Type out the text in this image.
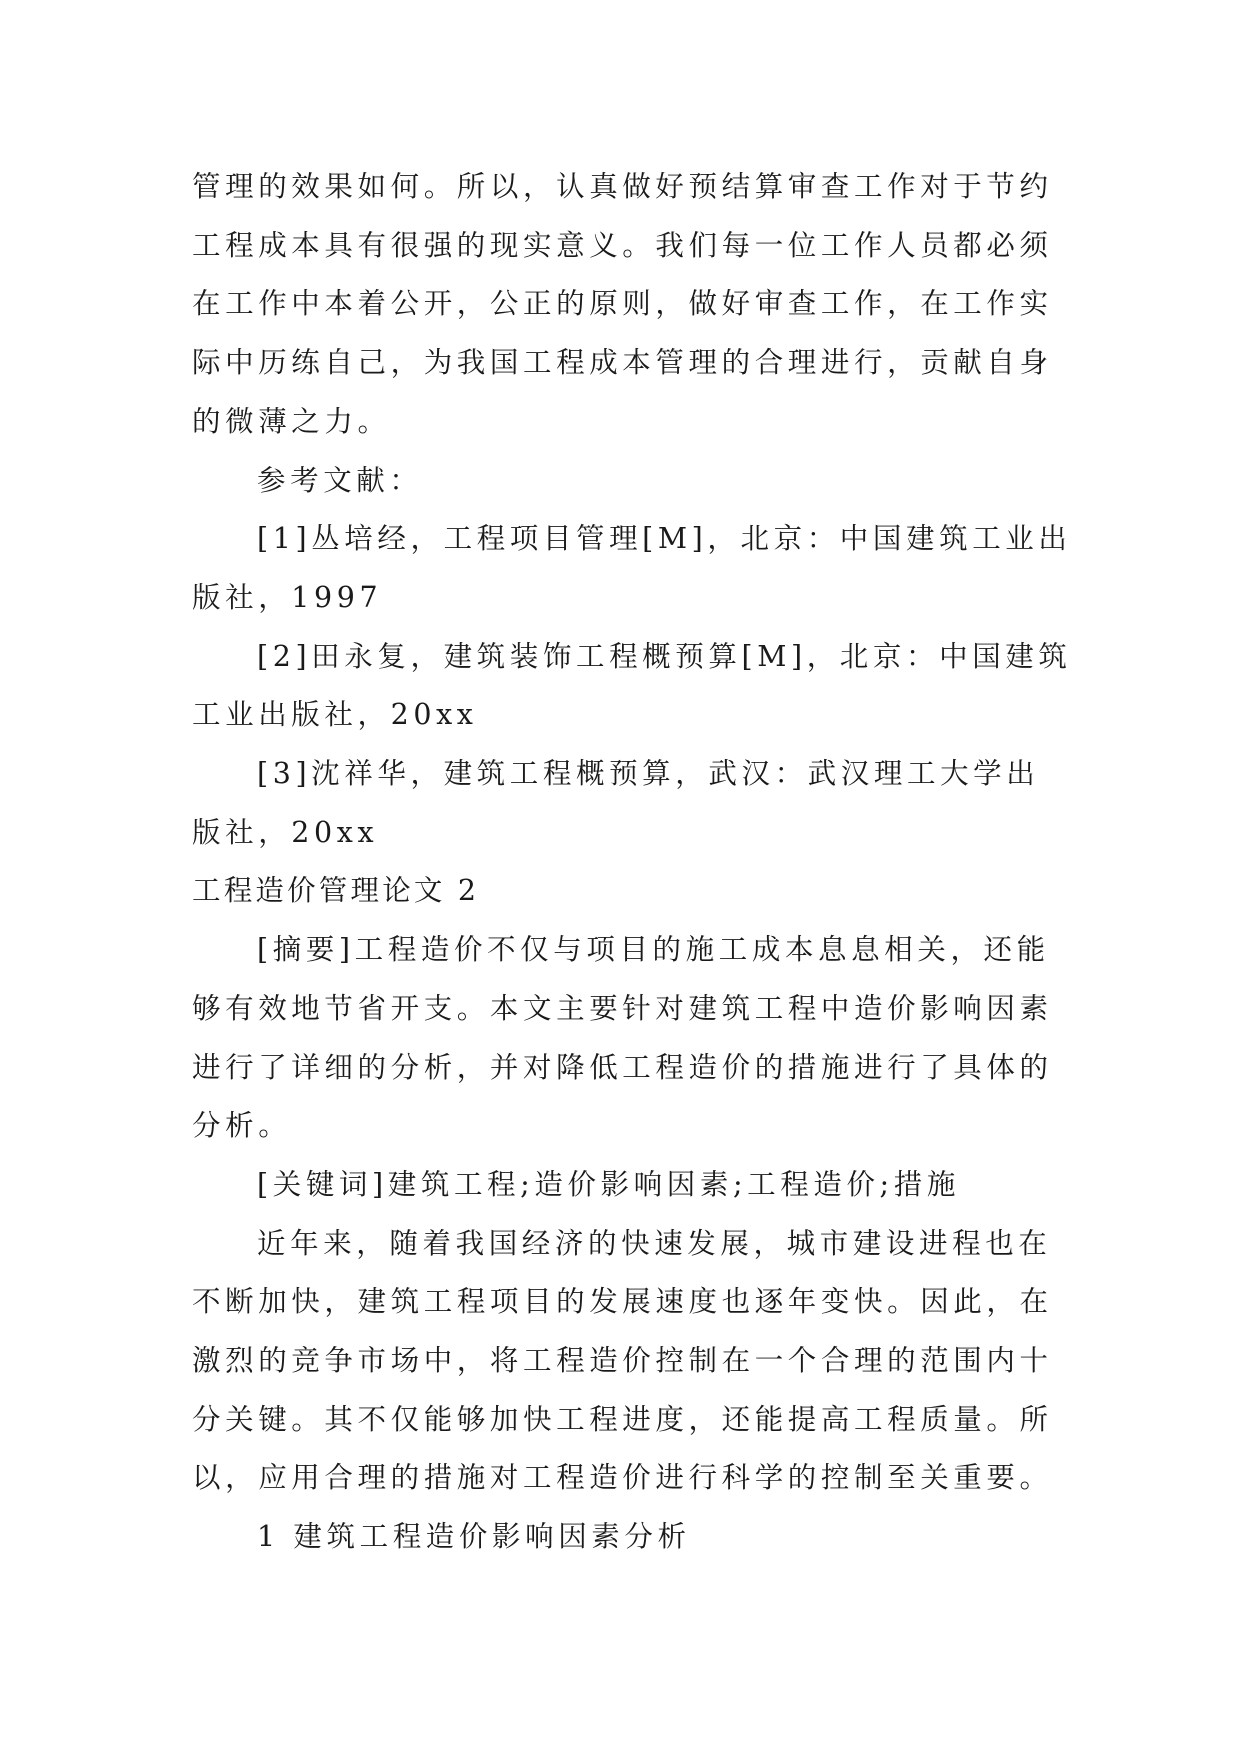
管理的效果如何。所以，认真做好预结算审查工作对于节约

工程成本具有很强的现实意义。我们每一位工作人员都必须

在工作中本着公开，公正的原则，做好审查工作，在工作实

际中历练自己，为我国工程成本管理的合理进行，贡献自身

的微薄之力。

参考文献：

[1]丛培经，工程项目管理[M]，北京：中国建筑工业出

版社，1997

[2]田永复，建筑装饰工程概预算[M]，北京：中国建筑

工业出版社，20xx

[3]沈祥华，建筑工程概预算，武汉：武汉理工大学出

版社，20xx

工程造价管理论文 2

[摘要]工程造价不仅与项目的施工成本息息相关，还能

够有效地节省开支。本文主要针对建筑工程中造价影响因素

进行了详细的分析，并对降低工程造价的措施进行了具体的

分析。

[关键词]建筑工程;造价影响因素;工程造价;措施

近年来，随着我国经济的快速发展，城市建设进程也在

不断加快，建筑工程项目的发展速度也逐年变快。因此，在

激烈的竞争市场中，将工程造价控制在一个合理的范围内十

分关键。其不仅能够加快工程进度，还能提高工程质量。所

以，应用合理的措施对工程造价进行科学的控制至关重要。

1 建筑工程造价影响因素分析
